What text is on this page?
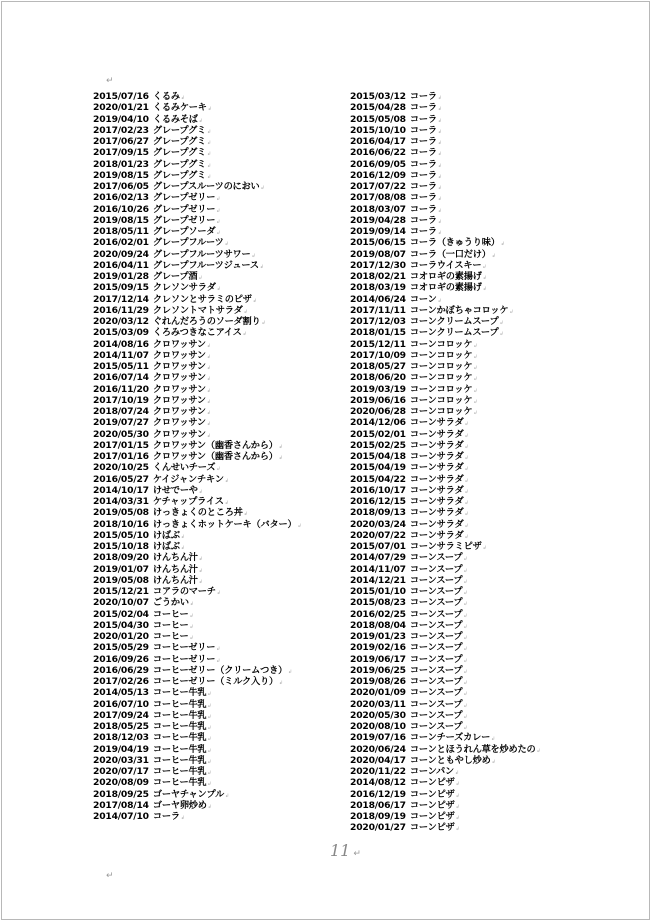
↵
2015/07/16 くるみ ↲
2020/01/21 くるみケーキ ↲
2019/04/10 くるみそば ↲
2017/02/23 グレープグミ ↲
2017/06/27 グレープグミ ↲
2017/09/15 グレープグミ ↲
2018/01/23 グレープグミ ↲
2019/08/15 グレープグミ ↲
2017/06/05 グレープスルーツのにおい ↲
2016/02/13 グレープゼリー ↲
2016/10/26 グレープゼリー ↲
2019/08/15 グレープゼリー ↲
2018/05/11 グレープソーダ ↲
2016/02/01 グレープフルーツ ↲
2020/09/24 グレープフルーツサワー ↲
2016/04/11 グレープフルーツジュース ↲
2019/01/28 グレープ酒 ↲
2015/09/15 クレソンサラダ ↲
2017/12/14 クレソンとサラミのピザ ↲
2016/11/29 クレソントマトサラダ ↲
2020/03/12 ぐれんだろうのソーダ割り ↲
2015/03/09 くろみつきなこアイス ↲
2014/08/16 クロワッサン ↲
2014/11/07 クロワッサン ↲
2015/05/11 クロワッサン ↲
2016/07/14 クロワッサン ↲
2016/11/20 クロワッサン ↲
2017/10/19 クロワッサン ↲
2018/07/24 クロワッサン ↲
2019/07/27 クロワッサン ↲
2020/05/30 クロワッサン ↲
2017/01/15 クロワッサン（幽香さんから） ↲
2017/01/16 クロワッサン（幽香さんから） ↲
2020/10/25 くんせいチーズ ↲
2016/05/27 ケイジャンチキン ↲
2014/10/17 けせでーや ↲
2014/03/31 ケチャップライス ↲
2019/05/08 けっきょくのところ丼 ↲
2018/10/16 けっきょくホットケーキ（バター） ↲
2015/05/10 けばぶ ↲
2015/10/18 けばぶ ↲
2018/09/20 けんちん汁 ↲
2019/01/07 けんちん汁 ↲
2019/05/08 けんちん汁 ↲
2015/12/21 コアラのマーチ ↲
2020/10/07 ごうかい ↲
2015/02/04 コーヒー ↲
2015/04/30 コーヒー ↲
2020/01/20 コーヒー ↲
2015/05/29 コーヒーゼリー ↲
2016/09/26 コーヒーゼリー ↲
2016/06/29 コーヒーゼリー（クリームつき） ↲
2017/02/26 コーヒーゼリー（ミルク入り） ↲
2014/05/13 コーヒー牛乳 ↲
2016/07/10 コーヒー牛乳 ↲
2017/09/24 コーヒー牛乳 ↲
2018/05/25 コーヒー牛乳 ↲
2018/12/03 コーヒー牛乳 ↲
2019/04/19 コーヒー牛乳 ↲
2020/03/31 コーヒー牛乳 ↲
2020/07/17 コーヒー牛乳 ↲
2020/08/09 コーヒー牛乳 ↲
2018/09/25 ゴーヤチャンプル ↲
2017/08/14 ゴーヤ卵炒め ↲
2014/07/10 コーラ ↲
2015/03/12 コーラ ↲
2015/04/28 コーラ ↲
2015/05/08 コーラ ↲
2015/10/10 コーラ ↲
2016/04/17 コーラ ↲
2016/06/22 コーラ ↲
2016/09/05 コーラ ↲
2016/12/09 コーラ ↲
2017/07/22 コーラ ↲
2017/08/08 コーラ ↲
2018/03/07 コーラ ↲
2019/04/28 コーラ ↲
2019/09/14 コーラ ↲
2015/06/15 コーラ（きゅうり味） ↲
2019/08/07 コーラ（一口だけ） ↲
2017/12/30 コーラウイスキー ↲
2018/02/21 コオロギの素揚げ ↲
2018/03/19 コオロギの素揚げ ↲
2014/06/24 コーン ↲
2017/11/11 コーンかぼちゃコロッケ ↲
2017/12/03 コーンクリームスープ ↲
2018/01/15 コーンクリームスープ ↲
2015/12/11 コーンコロッケ ↲
2017/10/09 コーンコロッケ ↲
2018/05/27 コーンコロッケ ↲
2018/06/20 コーンコロッケ ↲
2019/03/19 コーンコロッケ ↲
2019/06/16 コーンコロッケ ↲
2020/06/28 コーンコロッケ ↲
2014/12/06 コーンサラダ ↲
2015/02/01 コーンサラダ ↲
2015/02/25 コーンサラダ ↲
2015/04/18 コーンサラダ ↲
2015/04/19 コーンサラダ ↲
2015/04/22 コーンサラダ ↲
2016/10/17 コーンサラダ ↲
2016/12/15 コーンサラダ ↲
2018/09/13 コーンサラダ ↲
2020/03/24 コーンサラダ ↲
2020/07/22 コーンサラダ ↲
2015/07/01 コーンサラミピザ ↲
2014/07/29 コーンスープ ↲
2014/11/07 コーンスープ ↲
2014/12/21 コーンスープ ↲
2015/01/10 コーンスープ ↲
2015/08/23 コーンスープ ↲
2016/02/25 コーンスープ ↲
2018/08/04 コーンスープ ↲
2019/01/23 コーンスープ ↲
2019/02/16 コーンスープ ↲
2019/06/17 コーンスープ ↲
2019/06/25 コーンスープ ↲
2019/08/26 コーンスープ ↲
2020/01/09 コーンスープ ↲
2020/03/11 コーンスープ ↲
2020/05/30 コーンスープ ↲
2020/08/10 コーンスープ ↲
2019/07/16 コーンチーズカレー ↲
2020/06/24 コーンとほうれん草を炒めたの ↲
2020/04/17 コーンともやし炒め ↲
2020/11/22 コーンパン ↲
2014/08/12 コーンピザ ↲
2016/12/19 コーンピザ ↲
2018/06/17 コーンピザ ↲
2018/09/19 コーンピザ ↲
2020/01/27 コーンピザ ↲
11 ↵
↵
